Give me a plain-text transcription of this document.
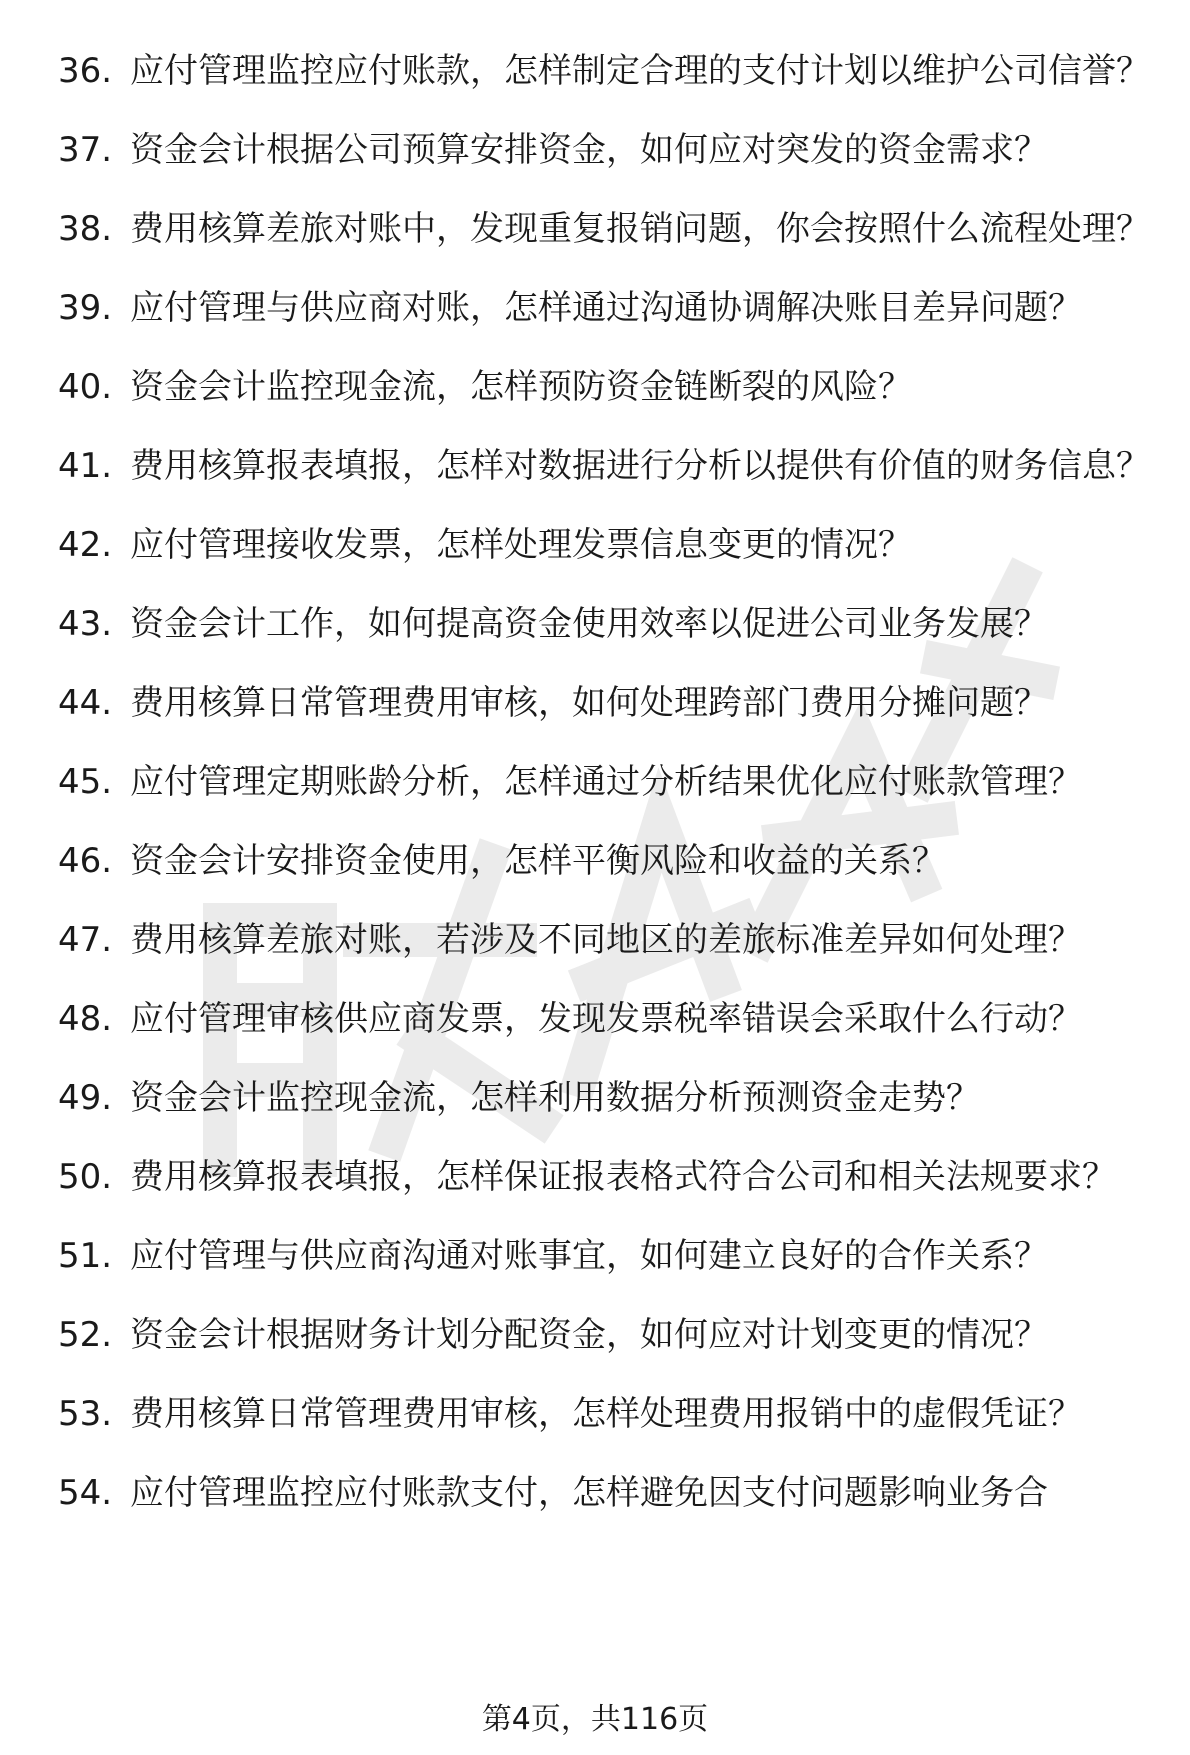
36. 应付管理监控应付账款，怎样制定合理的支付计划以维护公司信誉？
37. 资金会计根据公司预算安排资金，如何应对突发的资金需求？
38. 费用核算差旅对账中，发现重复报销问题，你会按照什么流程处理？
39. 应付管理与供应商对账，怎样通过沟通协调解决账目差异问题？
40. 资金会计监控现金流，怎样预防资金链断裂的风险？
41. 费用核算报表填报，怎样对数据进行分析以提供有价值的财务信息？
42. 应付管理接收发票，怎样处理发票信息变更的情况？
43. 资金会计工作，如何提高资金使用效率以促进公司业务发展？
44. 费用核算日常管理费用审核，如何处理跨部门费用分摊问题？
45. 应付管理定期账龄分析，怎样通过分析结果优化应付账款管理？
46. 资金会计安排资金使用，怎样平衡风险和收益的关系？
47. 费用核算差旅对账，若涉及不同地区的差旅标准差异如何处理？
48. 应付管理审核供应商发票，发现发票税率错误会采取什么行动？
49. 资金会计监控现金流，怎样利用数据分析预测资金走势？
50. 费用核算报表填报，怎样保证报表格式符合公司和相关法规要求？
51. 应付管理与供应商沟通对账事宜，如何建立良好的合作关系？
52. 资金会计根据财务计划分配资金，如何应对计划变更的情况？
53. 费用核算日常管理费用审核，怎样处理费用报销中的虚假凭证？
54. 应付管理监控应付账款支付，怎样避免因支付问题影响业务合
第4页，共116页
